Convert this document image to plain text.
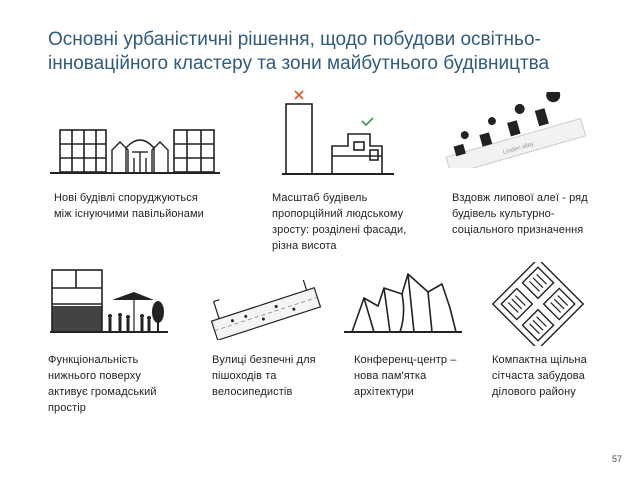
Основні урбаністичні рішення, щодо побудови освітньо-
інноваційного кластеру та зони майбутнього будівництва
Linden alley
Нові будівлі споруджуються
між існуючими павільйонами
Масштаб будівель
пропорційний людському
зросту: розділені фасади,
різна висота
Вздовж липової алеї - ряд
будівель культурно-
соціального призначення
Функціональність
нижнього поверху
активує громадський
простір
Вулиці безпечні для
пішоходів та
велосипедистів
Конференц-центр –
нова пам'ятка
архітектури
Компактна щільна
сітчаста забудова
ділового району
57
